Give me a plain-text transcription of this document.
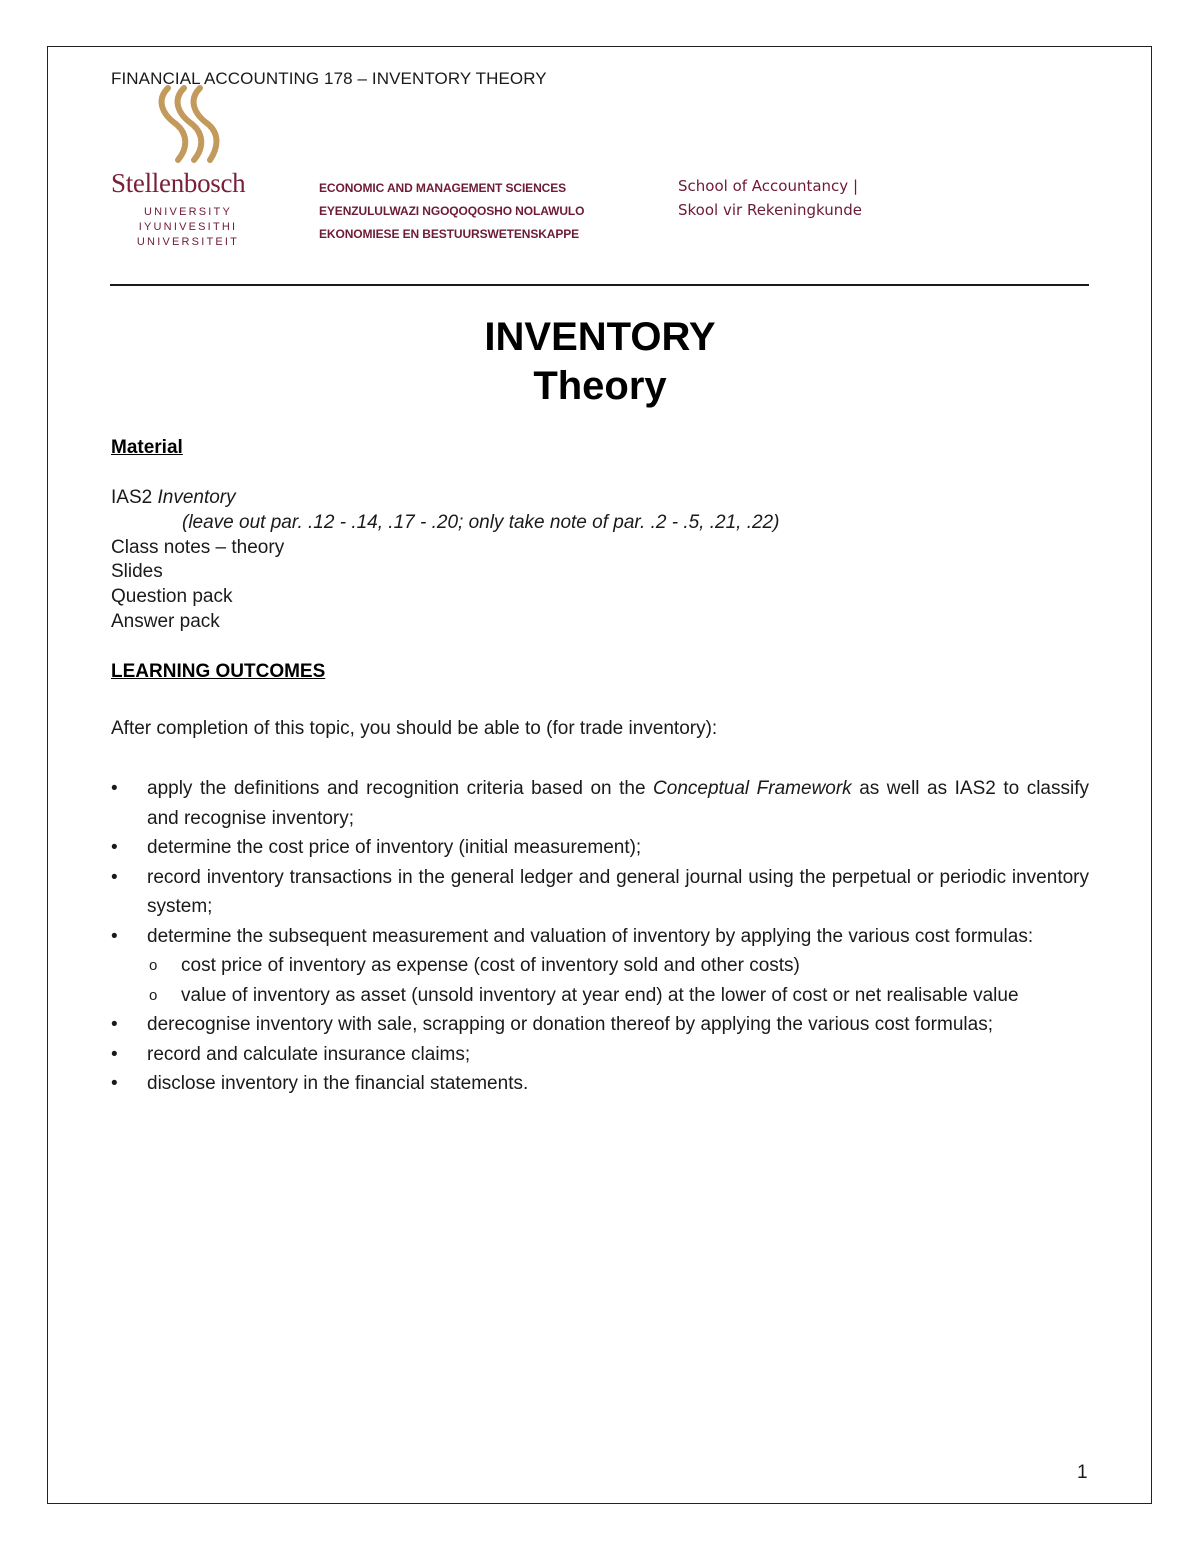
FINANCIAL ACCOUNTING 178 – INVENTORY THEORY
Stellenbosch
UNIVERSITY
IYUNIVESITHI
UNIVERSITEIT
ECONOMIC AND MANAGEMENT SCIENCES
EYENZULULWAZI NGOQOQOSHO NOLAWULO
EKONOMIESE EN BESTUURSWETENSKAPPE
School of Accountancy |
Skool vir Rekeningkunde
INVENTORY
Theory
Material
IAS2 Inventory
(leave out par. .12 - .14, .17 - .20; only take note of par. .2 - .5, .21, .22)
Class notes – theory
Slides
Question pack
Answer pack
LEARNING OUTCOMES
After completion of this topic, you should be able to (for trade inventory):
• apply the definitions and recognition criteria based on the Conceptual Framework as well as IAS2 to classify and recognise inventory;
• determine the cost price of inventory (initial measurement);
• record inventory transactions in the general ledger and general journal using the perpetual or periodic inventory system;
• determine the subsequent measurement and valuation of inventory by applying the various cost formulas:
o cost price of inventory as expense (cost of inventory sold and other costs)
o value of inventory as asset (unsold inventory at year end) at the lower of cost or net realisable value
• derecognise inventory with sale, scrapping or donation thereof by applying the various cost formulas;
• record and calculate insurance claims;
• disclose inventory in the financial statements.
1
